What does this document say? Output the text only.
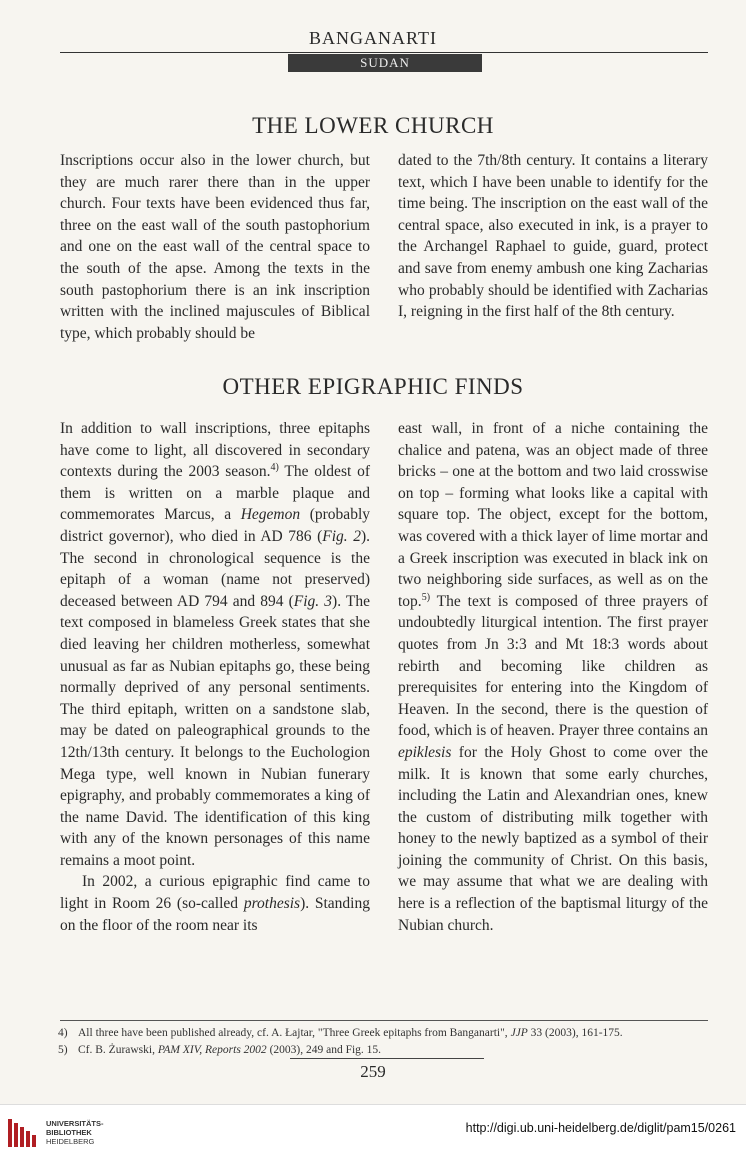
BANGANARTI
SUDAN
THE LOWER CHURCH

Inscriptions occur also in the lower church, but they are much rarer there than in the upper church. Four texts have been evidenced thus far, three on the east wall of the south pastophorium and one on the east wall of the central space to the south of the apse. Among the texts in the south pastophorium there is an ink inscription written with the inclined majuscules of Biblical type, which probably should be

dated to the 7th/8th century. It contains a literary text, which I have been unable to identify for the time being. The inscription on the east wall of the central space, also executed in ink, is a prayer to the Archangel Raphael to guide, guard, protect and save from enemy ambush one king Zacharias who probably should be identified with Zacharias I, reigning in the first half of the 8th century.

OTHER EPIGRAPHIC FINDS

In addition to wall inscriptions, three epitaphs have come to light, all discovered in secondary contexts during the 2003 season.$^{4)}$ The oldest of them is written on a marble plaque and commemorates Marcus, a Hegemon (probably district governor), who died in AD 786 (Fig. 2). The second in chronological sequence is the epitaph of a woman (name not preserved) deceased between AD 794 and 894 (Fig. 3). The text composed in blameless Greek states that she died leaving her children motherless, somewhat unusual as far as Nubian epitaphs go, these being normally deprived of any personal sentiments. The third epitaph, written on a sandstone slab, may be dated on paleographical grounds to the 12th/13th century. It belongs to the Euchologion Mega type, well known in Nubian funerary epigraphy, and probably commemorates a king of the name David. The identification of this king with any of the known personages of this name remains a moot point.

In 2002, a curious epigraphic find came to light in Room 26 (so-called prothesis). Standing on the floor of the room near its

east wall, in front of a niche containing the chalice and patena, was an object made of three bricks – one at the bottom and two laid crosswise on top – forming what looks like a capital with square top. The object, except for the bottom, was covered with a thick layer of lime mortar and a Greek inscription was executed in black ink on two neighboring side surfaces, as well as on the top.$^{5)}$ The text is composed of three prayers of undoubtedly liturgical intention. The first prayer quotes from Jn 3:3 and Mt 18:3 words about rebirth and becoming like children as prerequisites for entering into the Kingdom of Heaven. In the second, there is the question of food, which is of heaven. Prayer three contains an epiklesis for the Holy Ghost to come over the milk. It is known that some early churches, including the Latin and Alexandrian ones, knew the custom of distributing milk together with honey to the newly baptized as a symbol of their joining the community of Christ. On this basis, we may assume that what we are dealing with here is a reflection of the baptismal liturgy of the Nubian church.

4) All three have been published already, cf. A. Łajtar, "Three Greek epitaphs from Banganarti", JJP 33 (2003), 161-175.
5) Cf. B. Żurawski, PAM XIV, Reports 2002 (2003), 249 and Fig. 15.
259
UNIVERSITÄTS-
BIBLIOTHEK
HEIDELBERG
http://digi.ub.uni-heidelberg.de/diglit/pam15/0261
